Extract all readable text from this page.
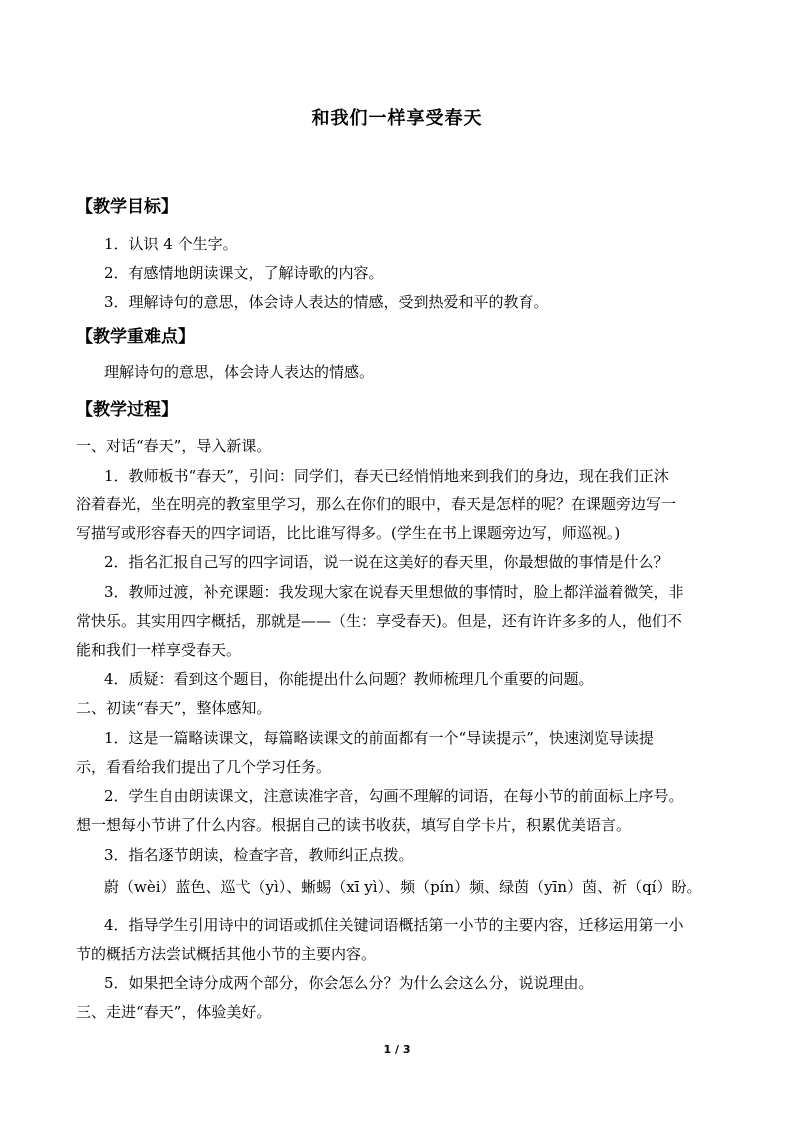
和我们一样享受春天
【教学目标】
1．认识 4 个生字。
2．有感情地朗读课文，了解诗歌的内容。
3．理解诗句的意思，体会诗人表达的情感，受到热爱和平的教育。
【教学重难点】
理解诗句的意思，体会诗人表达的情感。
【教学过程】
一、对话“春天”，导入新课。
1．教师板书“春天”，引问：同学们，春天已经悄悄地来到我们的身边，现在我们正沐
浴着春光，坐在明亮的教室里学习，那么在你们的眼中，春天是怎样的呢？在课题旁边写一
写描写或形容春天的四字词语，比比谁写得多。(学生在书上课题旁边写，师巡视。)
2．指名汇报自己写的四字词语，说一说在这美好的春天里，你最想做的事情是什么？
3．教师过渡，补充课题：我发现大家在说春天里想做的事情时，脸上都洋溢着微笑，非
常快乐。其实用四字概括，那就是——（生：享受春天)。但是，还有许许多多的人，他们不
能和我们一样享受春天。
4．质疑：看到这个题目，你能提出什么问题？教师梳理几个重要的问题。
二、初读“春天”，整体感知。
1．这是一篇略读课文，每篇略读课文的前面都有一个“导读提示”，快速浏览导读提
示，看看给我们提出了几个学习任务。
2．学生自由朗读课文，注意读准字音，勾画不理解的词语，在每小节的前面标上序号。
想一想每小节讲了什么内容。根据自己的读书收获，填写自学卡片，积累优美语言。
3．指名逐节朗读，检查字音，教师纠正点拨。
蔚（wèi）蓝色、巡弋（yì）、蜥蜴（xī yì）、频（pín）频、绿茵（yīn）茵、祈（qí）盼。
4．指导学生引用诗中的词语或抓住关键词语概括第一小节的主要内容，迁移运用第一小
节的概括方法尝试概括其他小节的主要内容。
5．如果把全诗分成两个部分，你会怎么分？为什么会这么分，说说理由。
三、走进“春天”，体验美好。
1 / 3
